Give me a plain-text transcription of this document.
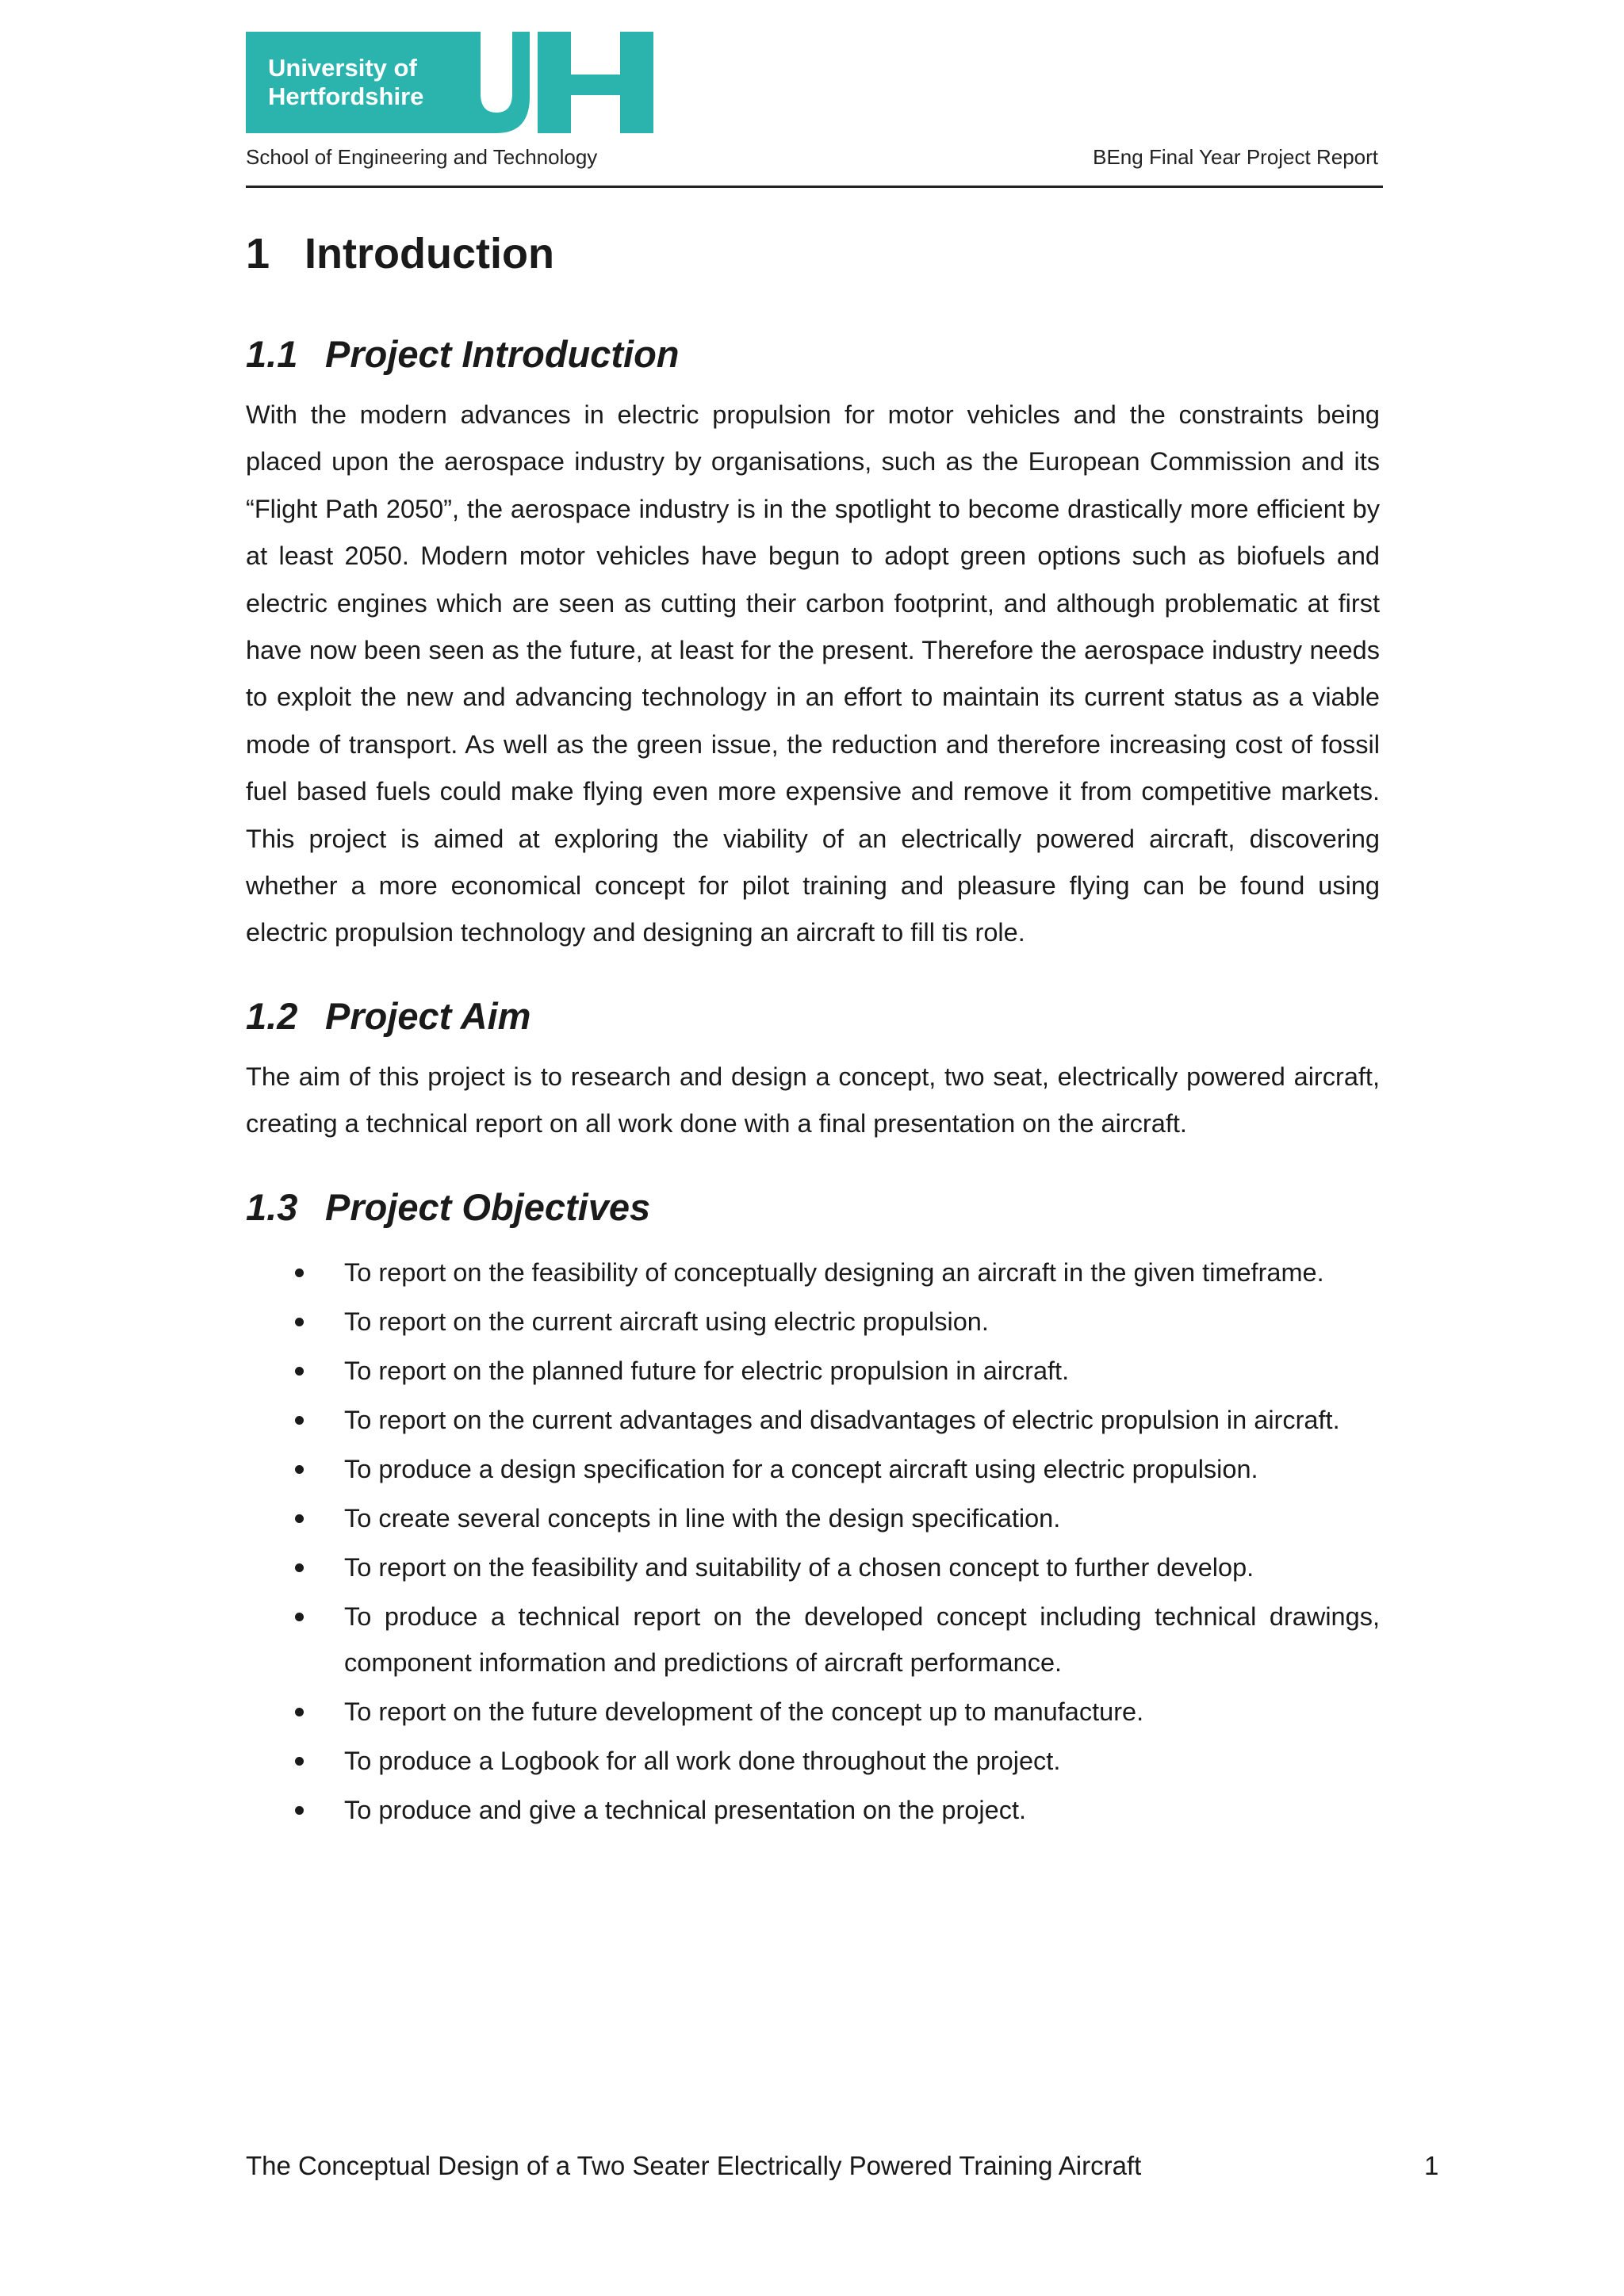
University of
Hertfordshire
School of Engineering and Technology	BEng Final Year Project Report
1 Introduction
1.1 Project Introduction

With the modern advances in electric propulsion for motor vehicles and the constraints being placed upon the aerospace industry by organisations, such as the European Commission and its “Flight Path 2050”, the aerospace industry is in the spotlight to become drastically more efficient by at least 2050. Modern motor vehicles have begun to adopt green options such as biofuels and electric engines which are seen as cutting their carbon footprint, and although problematic at first have now been seen as the future, at least for the present. Therefore the aerospace industry needs to exploit the new and advancing technology in an effort to maintain its current status as a viable mode of transport. As well as the green issue, the reduction and therefore increasing cost of fossil fuel based fuels could make flying even more expensive and remove it from competitive markets. This project is aimed at exploring the viability of an electrically powered aircraft, discovering whether a more economical concept for pilot training and pleasure flying can be found using electric propulsion technology and designing an aircraft to fill tis role.

1.2 Project Aim

The aim of this project is to research and design a concept, two seat, electrically powered aircraft, creating a technical report on all work done with a final presentation on the aircraft.

1.3 Project Objectives
To report on the feasibility of conceptually designing an aircraft in the given timeframe.
To report on the current aircraft using electric propulsion.
To report on the planned future for electric propulsion in aircraft.
To report on the current advantages and disadvantages of electric propulsion in aircraft.
To produce a design specification for a concept aircraft using electric propulsion.
To create several concepts in line with the design specification.
To report on the feasibility and suitability of a chosen concept to further develop.
To produce a technical report on the developed concept including technical drawings, component information and predictions of aircraft performance.
To report on the future development of the concept up to manufacture.
To produce a Logbook for all work done throughout the project.
To produce and give a technical presentation on the project.
The Conceptual Design of a Two Seater Electrically Powered Training Aircraft	1
